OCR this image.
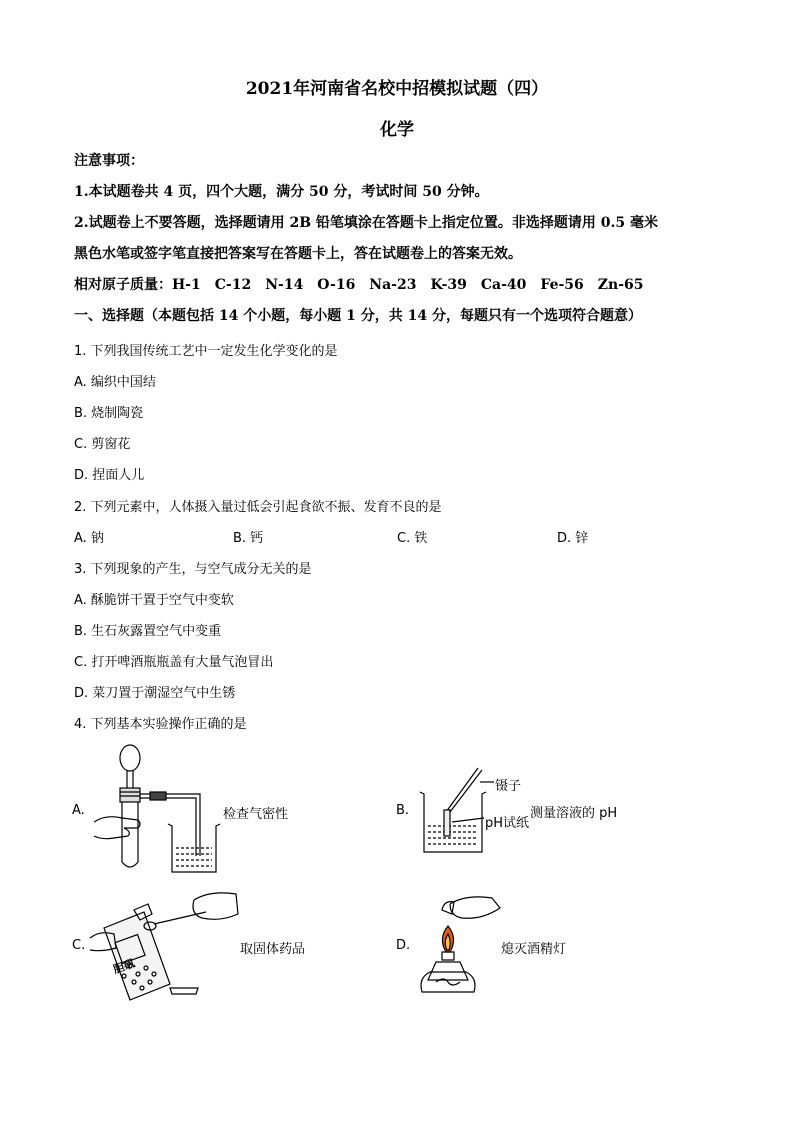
2021年河南省名校中招模拟试题（四）
化学
注意事项：
1.本试题卷共 4 页，四个大题，满分 50 分，考试时间 50 分钟。
2.试题卷上不要答题，选择题请用 2B 铅笔填涂在答题卡上指定位置。非选择题请用 0.5 毫米
黑色水笔或签字笔直接把答案写在答题卡上，答在试题卷上的答案无效。
相对原子质量：H-1　C-12　N-14　O-16　Na-23　K-39　Ca-40　Fe-56　Zn-65
一、选择题（本题包括 14 个小题，每小题 1 分，共 14 分，每题只有一个选项符合题意）
1. 下列我国传统工艺中一定发生化学变化的是
A. 编织中国结
B. 烧制陶瓷
C. 剪窗花
D. 捏面人儿
2. 下列元素中，人体摄入量过低会引起食欲不振、发育不良的是
A. 钠	B. 钙	C. 铁	D. 锌
3. 下列现象的产生，与空气成分无关的是
A. 酥脆饼干置于空气中变软
B. 生石灰露置空气中变重
C. 打开啤酒瓶瓶盖有大量气泡冒出
D. 菜刀置于潮湿空气中生锈
4. 下列基本实验操作正确的是
A.	检查气密性	B.
镊子
pH试纸
测量溶液的 pH
C.
胆矾
取固体药品	D.	熄灭酒精灯
